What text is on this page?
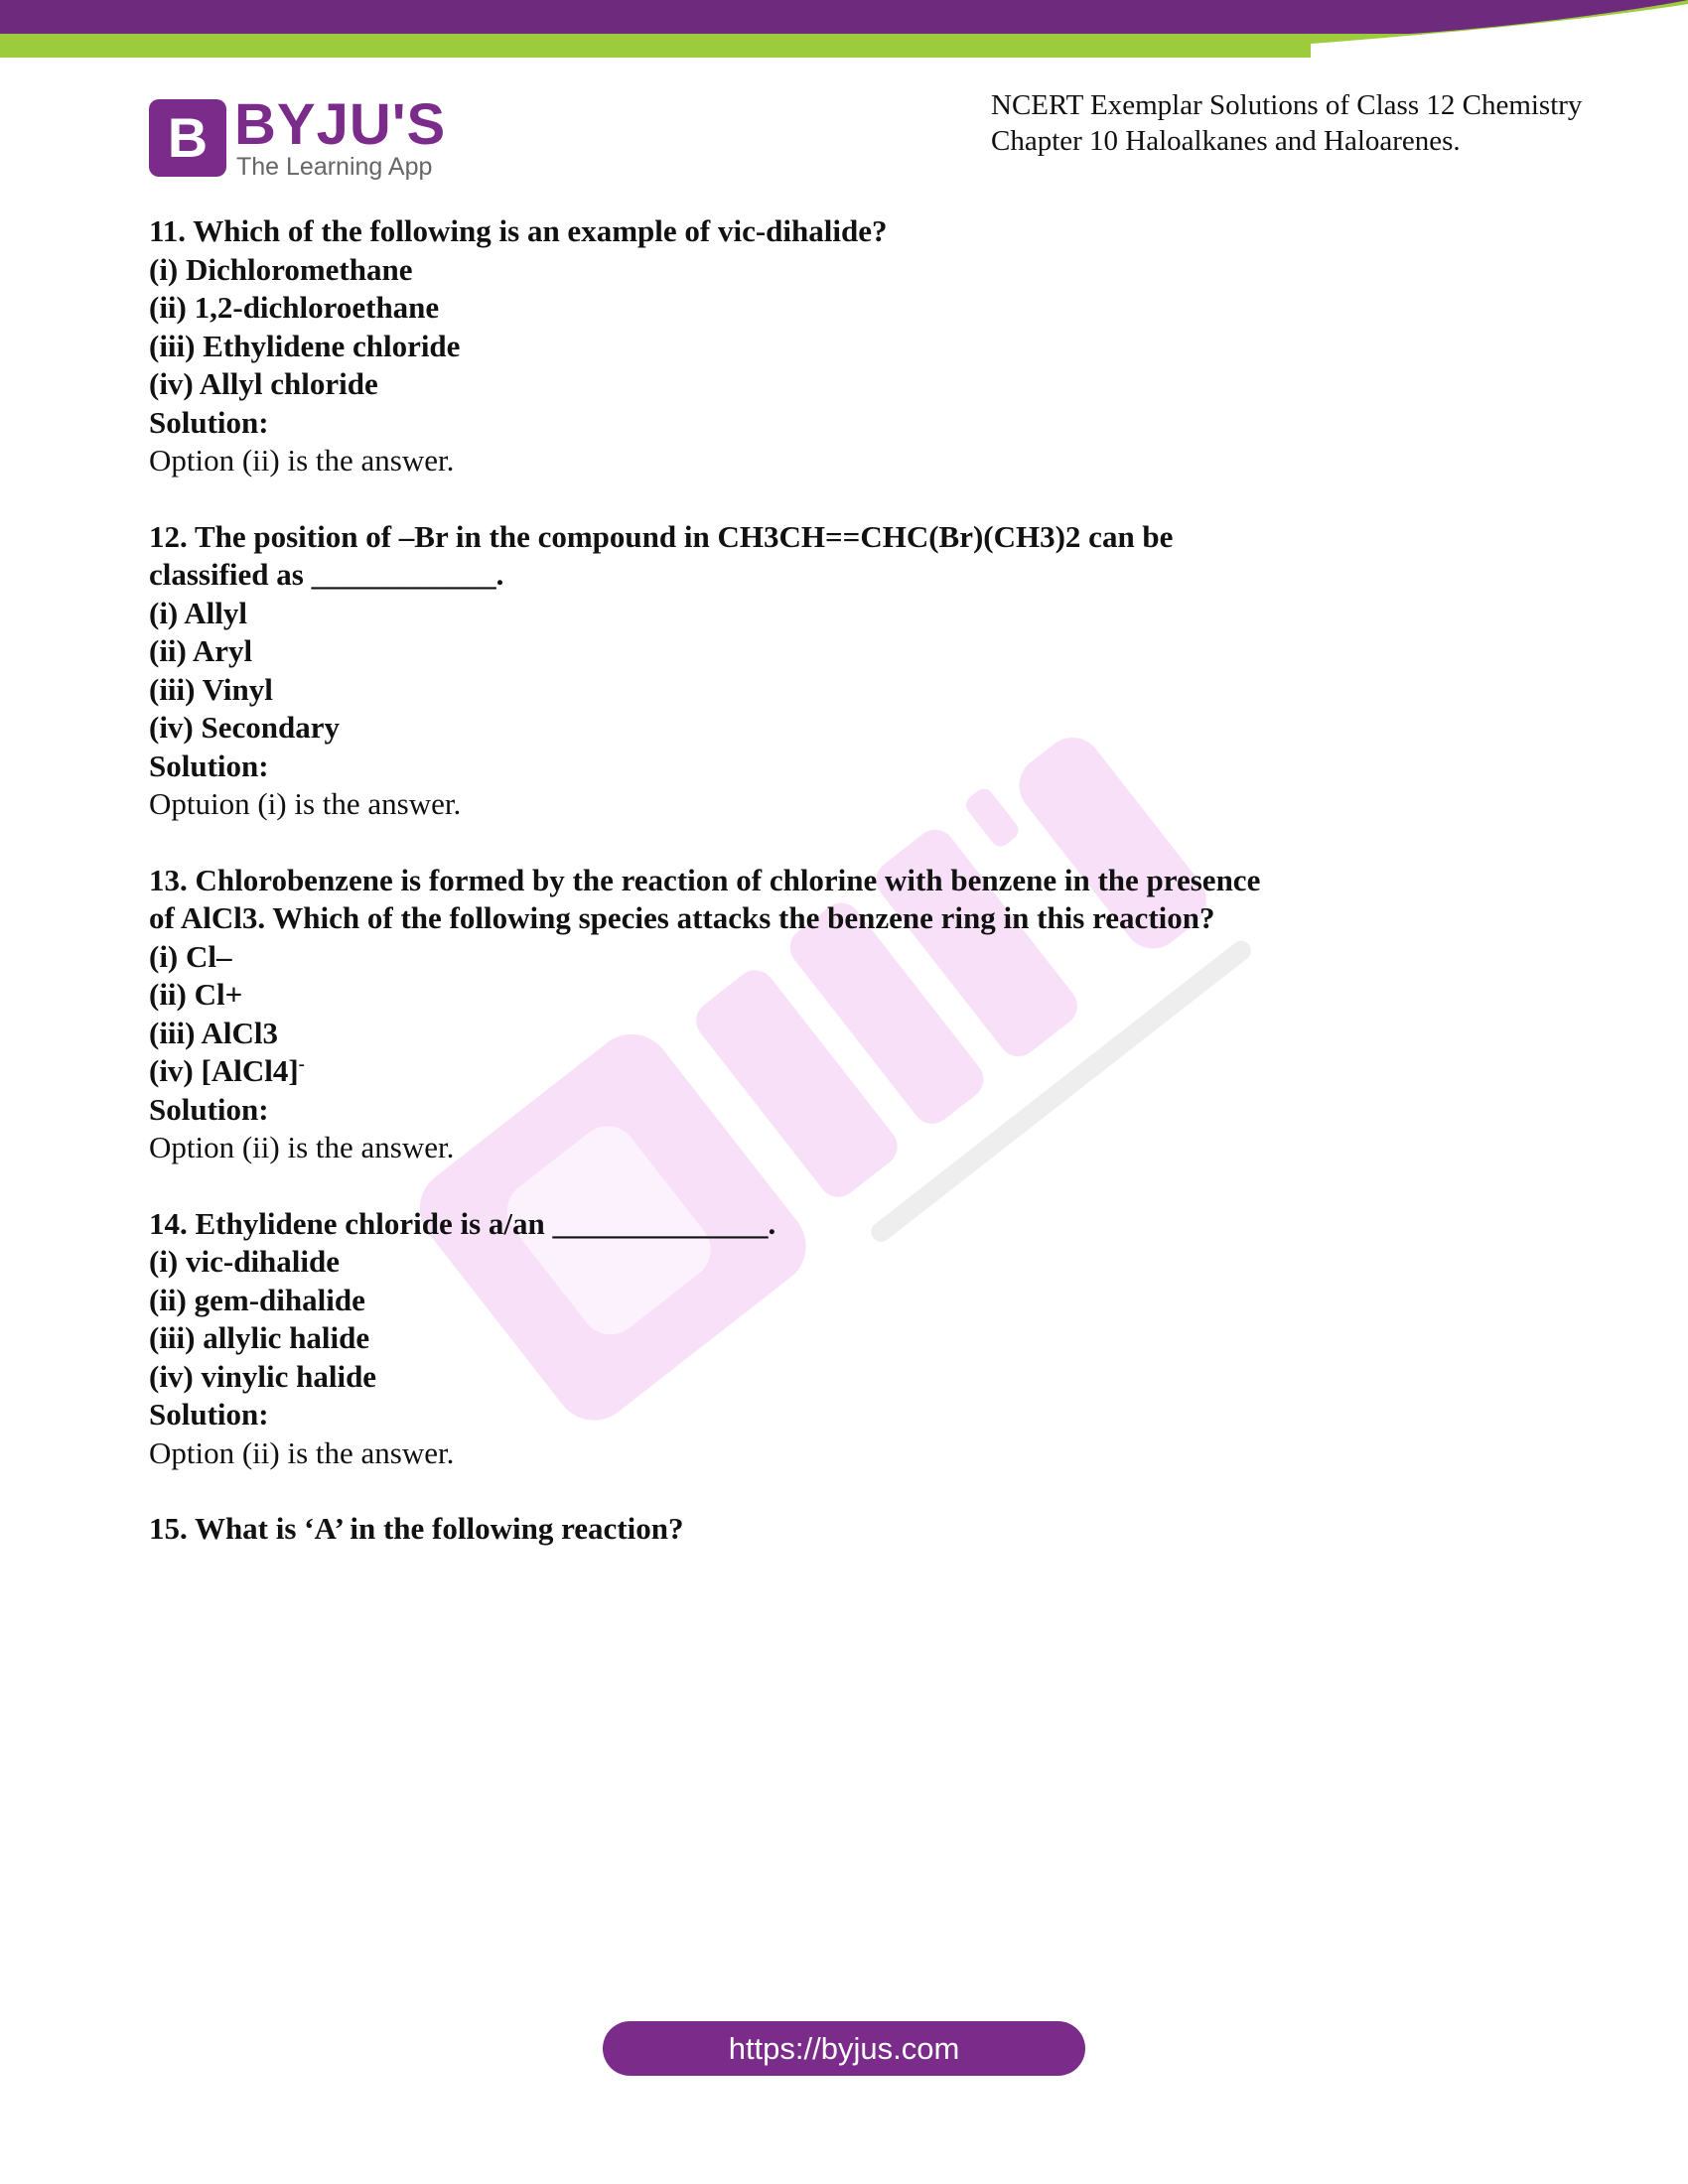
B BYJU'S
The Learning App
NCERT Exemplar Solutions of Class 12 Chemistry
Chapter 10 Haloalkanes and Haloarenes.
11. Which of the following is an example of vic-dihalide?
(i) Dichloromethane
(ii) 1,2-dichloroethane
(iii) Ethylidene chloride
(iv) Allyl chloride
Solution:
Option (ii) is the answer.
12. The position of –Br in the compound in CH3CH==CHC(Br)(CH3)2 can be
classified as ____________.
(i) Allyl
(ii) Aryl
(iii) Vinyl
(iv) Secondary
Solution:
Optuion (i) is the answer.
13. Chlorobenzene is formed by the reaction of chlorine with benzene in the presence
of AlCl3. Which of the following species attacks the benzene ring in this reaction?
(i) Cl–
(ii) Cl+
(iii) AlCl3
(iv) [AlCl4]-
Solution:
Option (ii) is the answer.
14. Ethylidene chloride is a/an ______________.
(i) vic-dihalide
(ii) gem-dihalide
(iii) allylic halide
(iv) vinylic halide
Solution:
Option (ii) is the answer.
15. What is ‘A’ in the following reaction?
https://byjus.com
